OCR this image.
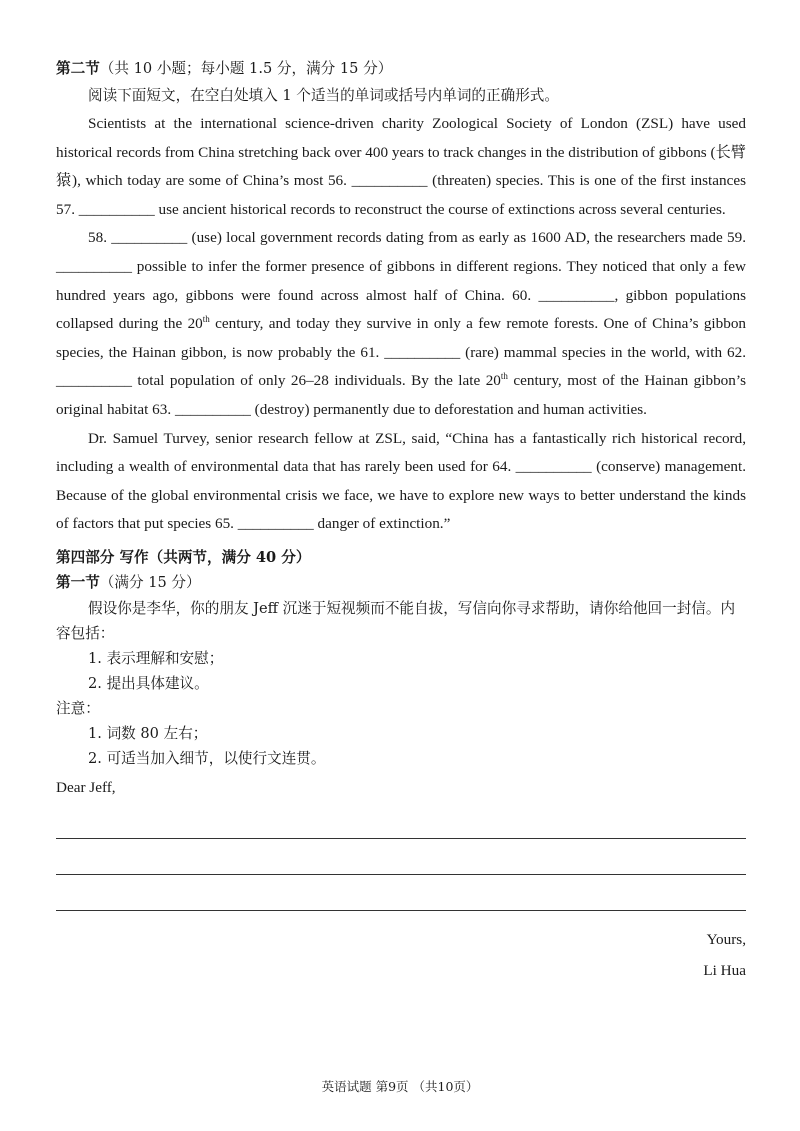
第二节（共 10 小题；每小题 1.5 分，满分 15 分）
阅读下面短文，在空白处填入 1 个适当的单词或括号内单词的正确形式。
Scientists at the international science-driven charity Zoological Society of London (ZSL) have used historical records from China stretching back over 400 years to track changes in the distribution of gibbons (长臂猿), which today are some of China’s most 56. __________ (threaten) species. This is one of the first instances 57. __________ use ancient historical records to reconstruct the course of extinctions across several centuries.
58. __________ (use) local government records dating from as early as 1600 AD, the researchers made 59. __________ possible to infer the former presence of gibbons in different regions. They noticed that only a few hundred years ago, gibbons were found across almost half of China. 60. __________, gibbon populations collapsed during the 20th century, and today they survive in only a few remote forests. One of China’s gibbon species, the Hainan gibbon, is now probably the 61. __________ (rare) mammal species in the world, with 62. __________ total population of only 26–28 individuals. By the late 20th century, most of the Hainan gibbon’s original habitat 63. __________ (destroy) permanently due to deforestation and human activities.
Dr. Samuel Turvey, senior research fellow at ZSL, said, “China has a fantastically rich historical record, including a wealth of environmental data that has rarely been used for 64. __________ (conserve) management. Because of the global environmental crisis we face, we have to explore new ways to better understand the kinds of factors that put species 65. __________ danger of extinction.”
第四部分 写作（共两节，满分 40 分）
第一节（满分 15 分）
假设你是李华，你的朋友 Jeff 沉迷于短视频而不能自拔，写信向你寻求帮助，请你给他回一封信。内容包括：
1. 表示理解和安慰；
2. 提出具体建议。
注意：
1. 词数 80 左右；
2. 可适当加入细节，以使行文连贯。
Dear Jeff,
Yours,
Li Hua
英语试题 第9页 （共10页）
